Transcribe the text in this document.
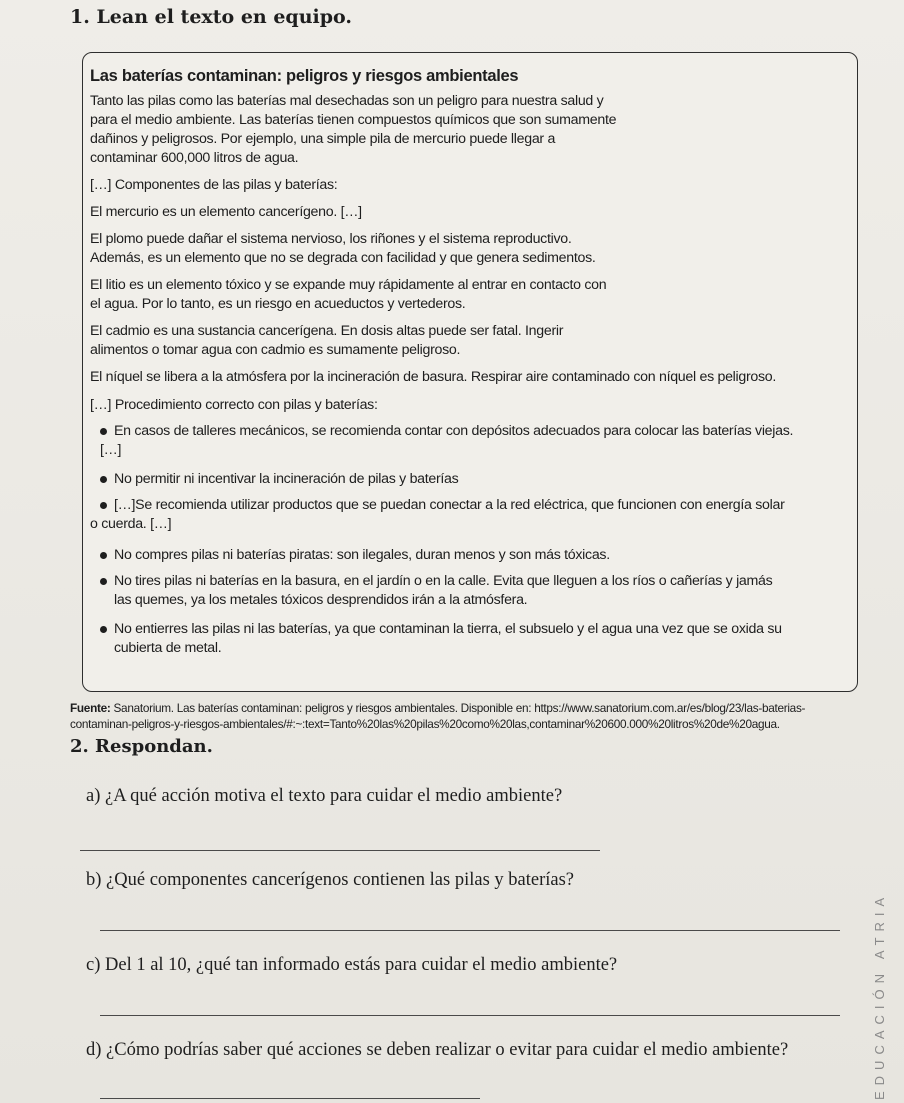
1. Lean el texto en equipo.

Las baterías contaminan: peligros y riesgos ambientales

Tanto las pilas como las baterías mal desechadas son un peligro para nuestra salud y

para el medio ambiente. Las baterías tienen compuestos químicos que son sumamente

dañinos y peligrosos. Por ejemplo, una simple pila de mercurio puede llegar a

contaminar 600,000 litros de agua.

[…] Componentes de las pilas y baterías:

El mercurio es un elemento cancerígeno. […]

El plomo puede dañar el sistema nervioso, los riñones y el sistema reproductivo.

Además, es un elemento que no se degrada con facilidad y que genera sedimentos.

El litio es un elemento tóxico y se expande muy rápidamente al entrar en contacto con

el agua. Por lo tanto, es un riesgo en acueductos y vertederos.

El cadmio es una sustancia cancerígena. En dosis altas puede ser fatal. Ingerir

alimentos o tomar agua con cadmio es sumamente peligroso.

El níquel se libera a la atmósfera por la incineración de basura. Respirar aire contaminado con níquel es peligroso.

[…] Procedimiento correcto con pilas y baterías:

En casos de talleres mecánicos, se recomienda contar con depósitos adecuados para colocar las baterías viejas.
[…]
No permitir ni incentivar la incineración de pilas y baterías
[…]Se recomienda utilizar productos que se puedan conectar a la red eléctrica, que funcionen con energía solar
o cuerda. […]
No compres pilas ni baterías piratas: son ilegales, duran menos y son más tóxicas.
No tires pilas ni baterías en la basura, en el jardín o en la calle. Evita que lleguen a los ríos o cañerías y jamás
las quemes, ya los metales tóxicos desprendidos irán a la atmósfera.
No entierres las pilas ni las baterías, ya que contaminan la tierra, el subsuelo y el agua una vez que se oxida su
cubierta de metal.

Fuente: Sanatorium. Las baterías contaminan: peligros y riesgos ambientales. Disponible en: https://www.sanatorium.com.ar/es/blog/23/las-baterias-
contaminan-peligros-y-riesgos-ambientales/#:~:text=Tanto%20las%20pilas%20como%20las,contaminar%20600.000%20litros%20de%20agua.

2. Respondan.

a) ¿A qué acción motiva el texto para cuidar el medio ambiente?

b) ¿Qué componentes cancerígenos contienen las pilas y baterías?

c) Del 1 al 10, ¿qué tan informado estás para cuidar el medio ambiente?

d) ¿Cómo podrías saber qué acciones se deben realizar o evitar para cuidar el medio ambiente?	EDUCACIÓN ATRIA
